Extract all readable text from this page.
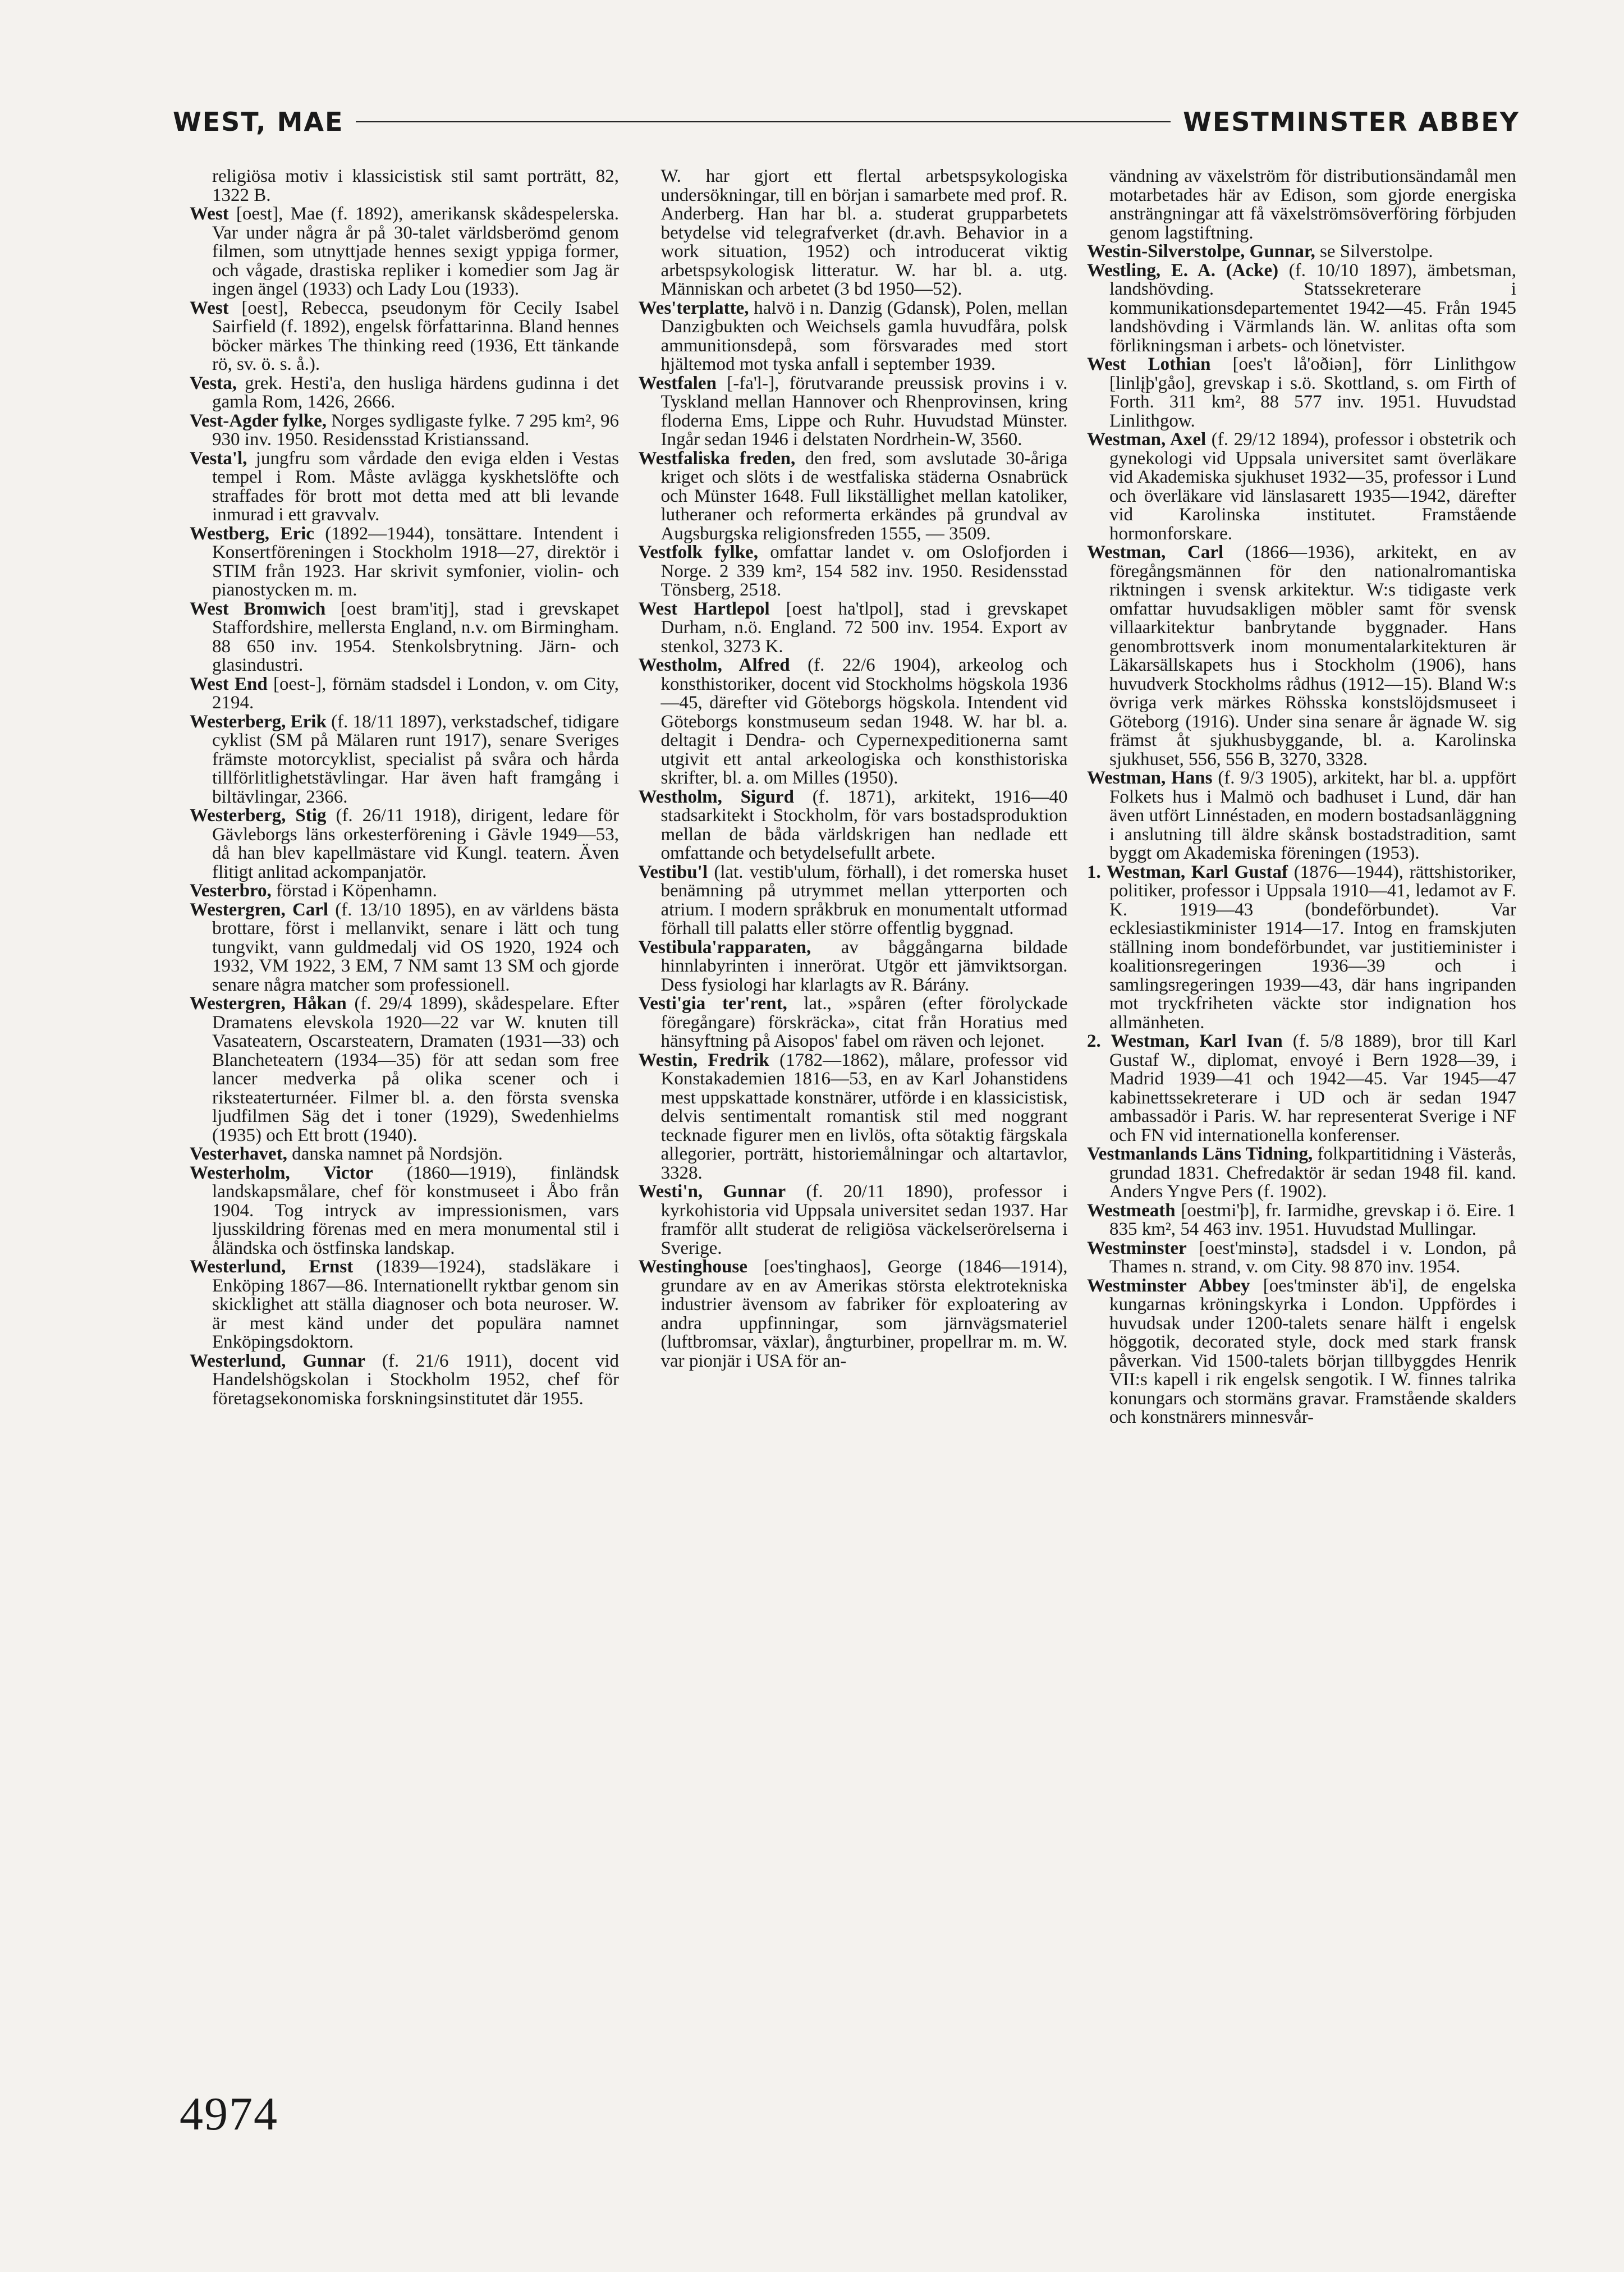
WEST, MAE	WESTMINSTER ABBEY

religiösa motiv i klassicistisk stil samt porträtt, 82, 1322 B.

West [oest], Mae (f. 1892), amerikansk skådespelerska. Var under några år på 30-talet världsberömd genom filmen, som utnyttjade hennes sexigt yppiga former, och vågade, drastiska repliker i komedier som Jag är ingen ängel (1933) och Lady Lou (1933).

West [oest], Rebecca, pseudonym för Cecily Isabel Sairfield (f. 1892), engelsk författarinna. Bland hennes böcker märkes The thinking reed (1936, Ett tänkande rö, sv. ö. s. å.).

Vesta, grek. Hesti'a, den husliga härdens gudinna i det gamla Rom, 1426, 2666.

Vest-Agder fylke, Norges sydligaste fylke. 7 295 km², 96 930 inv. 1950. Residensstad Kristianssand.

Vesta'l, jungfru som vårdade den eviga elden i Vestas tempel i Rom. Måste avlägga kyskhetslöfte och straffades för brott mot detta med att bli levande inmurad i ett gravvalv.

Westberg, Eric (1892—1944), tonsättare. Intendent i Konsertföreningen i Stockholm 1918—27, direktör i STIM från 1923. Har skrivit symfonier, violin- och pianostycken m. m.

West Bromwich [oest bram'itj], stad i grevskapet Staffordshire, mellersta England, n.v. om Birmingham. 88 650 inv. 1954. Stenkolsbrytning. Järn- och glasindustri.

West End [oest-], förnäm stadsdel i London, v. om City, 2194.

Westerberg, Erik (f. 18/11 1897), verkstadschef, tidigare cyklist (SM på Mälaren runt 1917), senare Sveriges främste motorcyklist, specialist på svåra och hårda tillförlitlighetstävlingar. Har även haft framgång i biltävlingar, 2366.

Westerberg, Stig (f. 26/11 1918), dirigent, ledare för Gävleborgs läns orkesterförening i Gävle 1949—53, då han blev kapellmästare vid Kungl. teatern. Även flitigt anlitad ackompanjatör.

Vesterbro, förstad i Köpenhamn.

Westergren, Carl (f. 13/10 1895), en av världens bästa brottare, först i mellanvikt, senare i lätt och tung tungvikt, vann guldmedalj vid OS 1920, 1924 och 1932, VM 1922, 3 EM, 7 NM samt 13 SM och gjorde senare några matcher som professionell.

Westergren, Håkan (f. 29/4 1899), skådespelare. Efter Dramatens elevskola 1920—22 var W. knuten till Vasateatern, Oscarsteatern, Dramaten (1931—33) och Blancheteatern (1934—35) för att sedan som free lancer medverka på olika scener och i riksteaterturnéer. Filmer bl. a. den första svenska ljudfilmen Säg det i toner (1929), Swedenhielms (1935) och Ett brott (1940).

Vesterhavet, danska namnet på Nordsjön.

Westerholm, Victor (1860—1919), finländsk landskapsmålare, chef för konstmuseet i Åbo från 1904. Tog intryck av impressionismen, vars ljusskildring förenas med en mera monumental stil i åländska och östfinska landskap.

Westerlund, Ernst (1839—1924), stadsläkare i Enköping 1867—86. Internationellt ryktbar genom sin skicklighet att ställa diagnoser och bota neuroser. W. är mest känd under det populära namnet Enköpingsdoktorn.

Westerlund, Gunnar (f. 21/6 1911), docent vid Handelshögskolan i Stockholm 1952, chef för företagsekonomiska forskningsinstitutet där 1955.

W. har gjort ett flertal arbetspsykologiska undersökningar, till en början i samarbete med prof. R. Anderberg. Han har bl. a. studerat grupparbetets betydelse vid telegrafverket (dr.avh. Behavior in a work situation, 1952) och introducerat viktig arbetspsykologisk litteratur. W. har bl. a. utg. Människan och arbetet (3 bd 1950—52).

Wes'terplatte, halvö i n. Danzig (Gdansk), Polen, mellan Danzigbukten och Weichsels gamla huvudfåra, polsk ammunitionsdepå, som försvarades med stort hjältemod mot tyska anfall i september 1939.

Westfalen [-fa'l-], förutvarande preussisk provins i v. Tyskland mellan Hannover och Rhenprovinsen, kring floderna Ems, Lippe och Ruhr. Huvudstad Münster. Ingår sedan 1946 i delstaten Nordrhein-W, 3560.

Westfaliska freden, den fred, som avslutade 30-åriga kriget och slöts i de westfaliska städerna Osnabrück och Münster 1648. Full likställighet mellan katoliker, lutheraner och reformerta erkändes på grundval av Augsburgska religionsfreden 1555, — 3509.

Vestfolk fylke, omfattar landet v. om Oslofjorden i Norge. 2 339 km², 154 582 inv. 1950. Residensstad Tönsberg, 2518.

West Hartlepol [oest ha'tlpol], stad i grevskapet Durham, n.ö. England. 72 500 inv. 1954. Export av stenkol, 3273 K.

Westholm, Alfred (f. 22/6 1904), arkeolog och konsthistoriker, docent vid Stockholms högskola 1936—45, därefter vid Göteborgs högskola. Intendent vid Göteborgs konstmuseum sedan 1948. W. har bl. a. deltagit i Dendra- och Cypernexpeditionerna samt utgivit ett antal arkeologiska och konsthistoriska skrifter, bl. a. om Milles (1950).

Westholm, Sigurd (f. 1871), arkitekt, 1916—40 stadsarkitekt i Stockholm, för vars bostadsproduktion mellan de båda världskrigen han nedlade ett omfattande och betydelsefullt arbete.

Vestibu'l (lat. vestib'ulum, förhall), i det romerska huset benämning på utrymmet mellan ytterporten och atrium. I modern språkbruk en monumentalt utformad förhall till palatts eller större offentlig byggnad.

Vestibula'rapparaten, av båggångarna bildade hinnlabyrinten i innerörat. Utgör ett jämviktsorgan. Dess fysiologi har klarlagts av R. Bárány.

Vesti'gia ter'rent, lat., »spåren (efter förolyckade föregångare) förskräcka», citat från Horatius med hänsyftning på Aisopos' fabel om räven och lejonet.

Westin, Fredrik (1782—1862), målare, professor vid Konstakademien 1816—53, en av Karl Johanstidens mest uppskattade konstnärer, utförde i en klassicistisk, delvis sentimentalt romantisk stil med noggrant tecknade figurer men en livlös, ofta sötaktig färgskala allegorier, porträtt, historiemålningar och altartavlor, 3328.

Westi'n, Gunnar (f. 20/11 1890), professor i kyrkohistoria vid Uppsala universitet sedan 1937. Har framför allt studerat de religiösa väckelserörelserna i Sverige.

Westinghouse [oes'tinghaos], George (1846—1914), grundare av en av Amerikas största elektrotekniska industrier ävensom av fabriker för exploatering av andra uppfinningar, som järnvägsmateriel (luftbromsar, växlar), ångturbiner, propellrar m. m. W. var pionjär i USA för an-

vändning av växelström för distributionsändamål men motarbetades här av Edison, som gjorde energiska ansträngningar att få växelströmsöverföring förbjuden genom lagstiftning.

Westin-Silverstolpe, Gunnar, se Silverstolpe.

Westling, E. A. (Acke) (f. 10/10 1897), ämbetsman, landshövding. Statssekreterare i kommunikationsdepartementet 1942—45. Från 1945 landshövding i Värmlands län. W. anlitas ofta som förlikningsman i arbets- och lönetvister.

West Lothian [oes't lå'oðiən], förr Linlithgow [linlįþ'gåo], grevskap i s.ö. Skottland, s. om Firth of Forth. 311 km², 88 577 inv. 1951. Huvudstad Linlithgow.

Westman, Axel (f. 29/12 1894), professor i obstetrik och gynekologi vid Uppsala universitet samt överläkare vid Akademiska sjukhuset 1932—35, professor i Lund och överläkare vid länslasarett 1935—1942, därefter vid Karolinska institutet. Framstående hormonforskare.

Westman, Carl (1866—1936), arkitekt, en av föregångsmännen för den nationalromantiska riktningen i svensk arkitektur. W:s tidigaste verk omfattar huvudsakligen möbler samt för svensk villaarkitektur banbrytande byggnader. Hans genombrottsverk inom monumentalarkitekturen är Läkarsällskapets hus i Stockholm (1906), hans huvudverk Stockholms rådhus (1912—15). Bland W:s övriga verk märkes Röhsska konstslöjdsmuseet i Göteborg (1916). Under sina senare år ägnade W. sig främst åt sjukhusbyggande, bl. a. Karolinska sjukhuset, 556, 556 B, 3270, 3328.

Westman, Hans (f. 9/3 1905), arkitekt, har bl. a. uppfört Folkets hus i Malmö och badhuset i Lund, där han även utfört Linnéstaden, en modern bostadsanläggning i anslutning till äldre skånsk bostadstradition, samt byggt om Akademiska föreningen (1953).

1. Westman, Karl Gustaf (1876—1944), rättshistoriker, politiker, professor i Uppsala 1910—41, ledamot av F. K. 1919—43 (bondeförbundet). Var ecklesiastikminister 1914—17. Intog en framskjuten ställning inom bondeförbundet, var justitieminister i koalitionsregeringen 1936—39 och i samlingsregeringen 1939—43, där hans ingripanden mot tryckfriheten väckte stor indignation hos allmänheten.

2. Westman, Karl Ivan (f. 5/8 1889), bror till Karl Gustaf W., diplomat, envoyé i Bern 1928—39, i Madrid 1939—41 och 1942—45. Var 1945—47 kabinettssekreterare i UD och är sedan 1947 ambassadör i Paris. W. har representerat Sverige i NF och FN vid internationella konferenser.

Vestmanlands Läns Tidning, folkpartitidning i Västerås, grundad 1831. Chefredaktör är sedan 1948 fil. kand. Anders Yngve Pers (f. 1902).

Westmeath [oestmi'þ], fr. Iarmidhe, grevskap i ö. Eire. 1 835 km², 54 463 inv. 1951. Huvudstad Mullingar.

Westminster [oest'minstə], stadsdel i v. London, på Thames n. strand, v. om City. 98 870 inv. 1954.

Westminster Abbey [oes'tminster äb'i], de engelska kungarnas kröningskyrka i London. Uppfördes i huvudsak under 1200-talets senare hälft i engelsk höggotik, decorated style, dock med stark fransk påverkan. Vid 1500-talets början tillbyggdes Henrik VII:s kapell i rik engelsk sengotik. I W. finnes talrika konungars och stormäns gravar. Framstående skalders och konstnärers minnesvår-

4974
